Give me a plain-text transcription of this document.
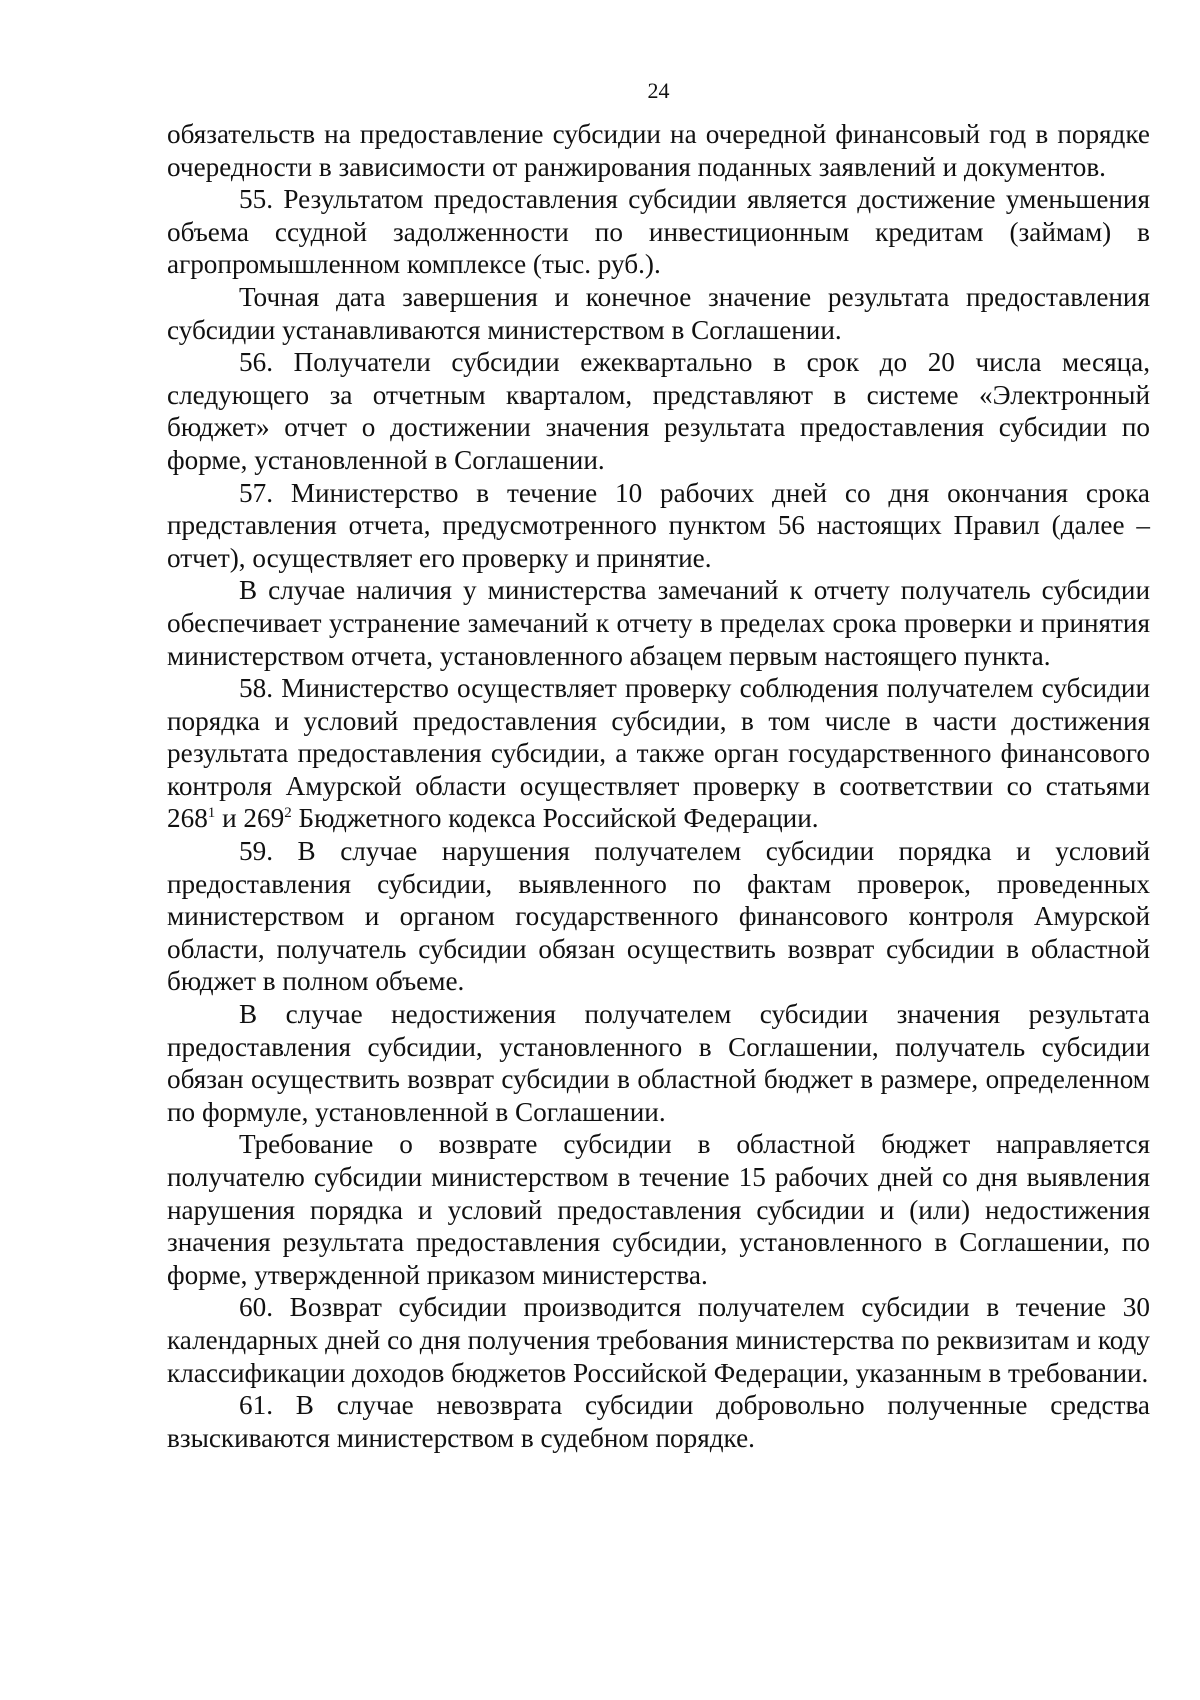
24

обязательств на предоставление субсидии на очередной финансовый год в порядке очередности в зависимости от ранжирования поданных заявлений и документов.

55. Результатом предоставления субсидии является достижение уменьшения объема ссудной задолженности по инвестиционным кредитам (займам) в агропромышленном комплексе (тыс. руб.).

Точная дата завершения и конечное значение результата предоставления субсидии устанавливаются министерством в Соглашении.

56. Получатели субсидии ежеквартально в срок до 20 числа месяца, следующего за отчетным кварталом, представляют в системе «Электронный бюджет» отчет о достижении значения результата предоставления субсидии по форме, установленной в Соглашении.

57. Министерство в течение 10 рабочих дней со дня окончания срока представления отчета, предусмотренного пунктом 56 настоящих Правил (далее – отчет), осуществляет его проверку и принятие.

В случае наличия у министерства замечаний к отчету получатель субсидии обеспечивает устранение замечаний к отчету в пределах срока проверки и принятия министерством отчета, установленного абзацем первым настоящего пункта.

58. Министерство осуществляет проверку соблюдения получателем субсидии порядка и условий предоставления субсидии, в том числе в части достижения результата предоставления субсидии, а также орган государственного финансового контроля Амурской области осуществляет проверку в соответствии со статьями $268^1$ и $269^2$ Бюджетного кодекса Российской Федерации.

59. В случае нарушения получателем субсидии порядка и условий предоставления субсидии, выявленного по фактам проверок, проведенных министерством и органом государственного финансового контроля Амурской области, получатель субсидии обязан осуществить возврат субсидии в областной бюджет в полном объеме.

В случае недостижения получателем субсидии значения результата предоставления субсидии, установленного в Соглашении, получатель субсидии обязан осуществить возврат субсидии в областной бюджет в размере, определенном по формуле, установленной в Соглашении.

Требование о возврате субсидии в областной бюджет направляется получателю субсидии министерством в течение 15 рабочих дней со дня выявления нарушения порядка и условий предоставления субсидии и (или) недостижения значения результата предоставления субсидии, установленного в Соглашении, по форме, утвержденной приказом министерства.

60. Возврат субсидии производится получателем субсидии в течение 30 календарных дней со дня получения требования министерства по реквизитам и коду классификации доходов бюджетов Российской Федерации, указанным в требовании.

61. В случае невозврата субсидии добровольно полученные средства взыскиваются министерством в судебном порядке.
